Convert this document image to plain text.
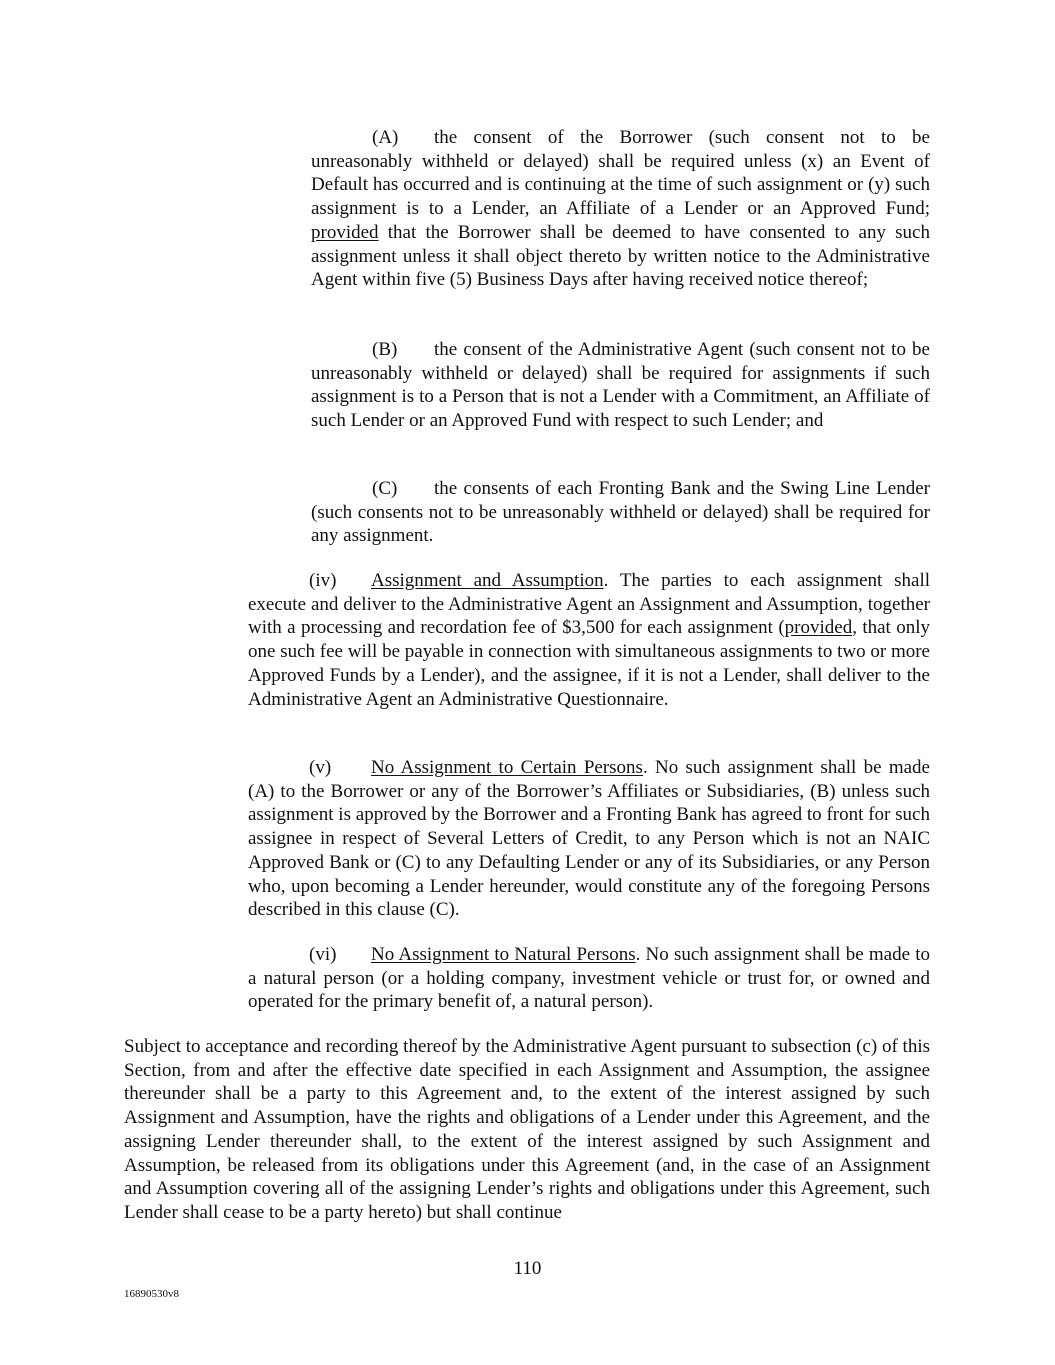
(A) the consent of the Borrower (such consent not to be unreasonably withheld or delayed) shall be required unless (x) an Event of Default has occurred and is continuing at the time of such assignment or (y) such assignment is to a Lender, an Affiliate of a Lender or an Approved Fund; provided that the Borrower shall be deemed to have consented to any such assignment unless it shall object thereto by written notice to the Administrative Agent within five (5) Business Days after having received notice thereof;

(B) the consent of the Administrative Agent (such consent not to be unreasonably withheld or delayed) shall be required for assignments if such assignment is to a Person that is not a Lender with a Commitment, an Affiliate of such Lender or an Approved Fund with respect to such Lender; and

(C) the consents of each Fronting Bank and the Swing Line Lender (such consents not to be unreasonably withheld or delayed) shall be required for any assignment.

(iv) Assignment and Assumption. The parties to each assignment shall execute and deliver to the Administrative Agent an Assignment and Assumption, together with a processing and recordation fee of $3,500 for each assignment (provided, that only one such fee will be payable in connection with simultaneous assignments to two or more Approved Funds by a Lender), and the assignee, if it is not a Lender, shall deliver to the Administrative Agent an Administrative Questionnaire.

(v) No Assignment to Certain Persons. No such assignment shall be made (A) to the Borrower or any of the Borrower’s Affiliates or Subsidiaries, (B) unless such assignment is approved by the Borrower and a Fronting Bank has agreed to front for such assignee in respect of Several Letters of Credit, to any Person which is not an NAIC Approved Bank or (C) to any Defaulting Lender or any of its Subsidiaries, or any Person who, upon becoming a Lender hereunder, would constitute any of the foregoing Persons described in this clause (C).

(vi) No Assignment to Natural Persons. No such assignment shall be made to a natural person (or a holding company, investment vehicle or trust for, or owned and operated for the primary benefit of, a natural person).

Subject to acceptance and recording thereof by the Administrative Agent pursuant to subsection (c) of this Section, from and after the effective date specified in each Assignment and Assumption, the assignee thereunder shall be a party to this Agreement and, to the extent of the interest assigned by such Assignment and Assumption, have the rights and obligations of a Lender under this Agreement, and the assigning Lender thereunder shall, to the extent of the interest assigned by such Assignment and Assumption, be released from its obligations under this Agreement (and, in the case of an Assignment and Assumption covering all of the assigning Lender’s rights and obligations under this Agreement, such Lender shall cease to be a party hereto) but shall continue

110
16890530v8
